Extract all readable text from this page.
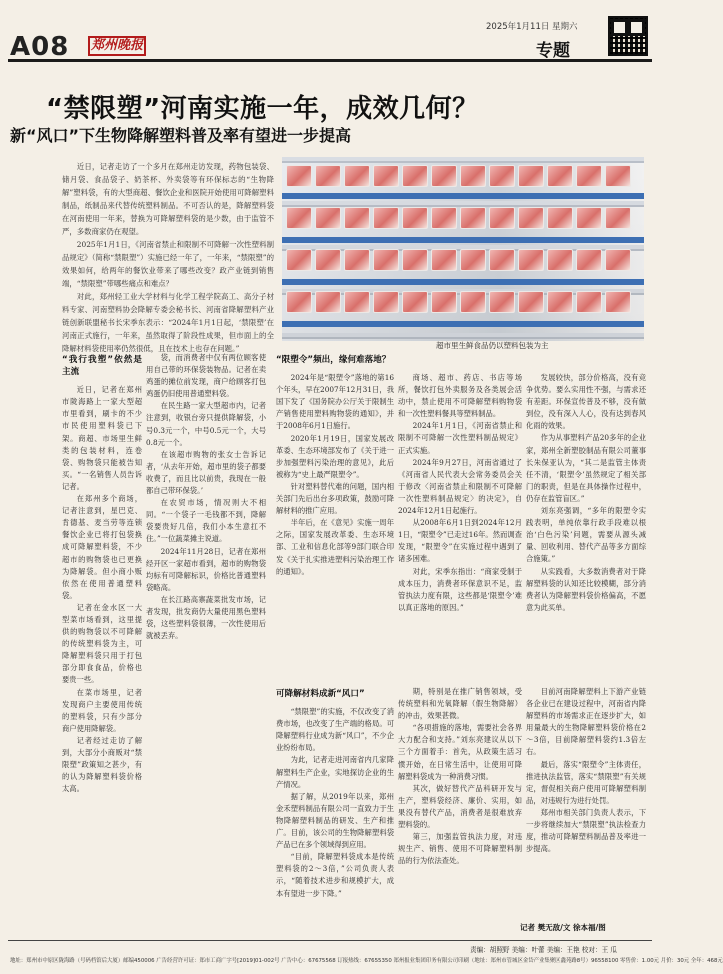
A08 郑州晚报
2025年1月11日 星期六
专题
“禁限塑”河南实施一年，成效几何？
新“风口”下生物降解塑料普及率有望进一步提高

近日，记者走访了一个多月在郑州走访发现，药物包装袋、储月袋、食品袋子、奶茶杯、外卖袋等有环保标志的“生物降解”塑料袋，有的大型商超、餐饮企业和医院开始使用可降解塑料制品，纸制品来代替传统塑料制品。不可否认的是，降解塑料袋在河南使用一年来，替换为可降解塑料袋的是少数，由于监管不严，多数商家仍在观望。

2025年1月1日，《河南省禁止和限制不可降解一次性塑料制品规定》（简称“禁限塑”）实施已经一年了，一年来，“禁限塑”的效果如何，给两年的餐饮业带来了哪些改变？政产业链到销售端，“禁限塑”带哪些痛点和难点？

对此，郑州轻工业大学材料与化学工程学院高工、高分子材料专家、河南塑料协会降解专委会秘书长、河南省降解塑料产业链创新联盟秘书长宋季东表示：“2024年1月1日起，‘禁限塑’在河南正式施行，一年来，虽然取得了阶段性成果，但市面上的全降解材料袋使用率仍然很低，且在技术上也存在问题。”	超市里生鲜食品仍以塑料包装为主

“我行我塑”依然是主流

近日，记者在郑州市陇海路上一家大型超市里看到，刷卡的不少市民使用塑料袋已下架。商超、市场里生鲜类的包装材料，连卷袋、购物袋只能被告知买。“一名销售人员告诉记者。

在郑州多个商场，记者注意到，星巴克、肯德基、麦当劳等连锁餐饮企业已将打包袋换成可降解塑料袋，不少超市的购物袋也已更换为降解袋。但小商小贩依然在使用普通塑料袋。

记者在金水区一大型菜市场看到，这里提供的购物袋以不可降解的传统塑料袋为主，可降解塑料袋只用于打包部分即食食品，价格也要贵一些。

在菜市场里，记者发现商户主要使用传统的塑料袋，只有少部分商户使用降解袋。

记者经过走访了解到，大部分小商贩对“禁限塑”政策知之甚少，有的认为降解塑料袋价格太高。

袋，而消费者中仅有两位顾客使用自己带的环保袋装物品。记者在卖鸡蛋的摊位前发现，商户给顾客打包鸡蛋仍旧使用普通塑料袋。

在民生路一家大型超市内，记者注意到，收银台旁只提供降解袋，小号0.3元一个，中号0.5元一个，大号0.8元一个。

在该超市购物的张女士告诉记者，‘从去年开始，超市里的袋子都要收费了，而且比以前贵，我现在一般都自己带环保袋。’

在农贸市场，情况则大不相同。“一个袋子一毛钱都不到，降解袋要贵好几倍，我们小本生意扛不住。”一位蔬菜摊主说道。

2024年11月28日，记者在郑州经开区一家超市看到，超市的购物袋均标有可降解标识，价格比普通塑料袋略高。

在长江路高寨蔬菜批发市场，记者发现，批发商仍大量使用黑色塑料袋，这些塑料袋很薄，一次性使用后就被丢弃。

“限塑令”频出，缘何难落地？

2024年是“限塑令”落地的第16个年头，早在2007年12月31日，我国下发了《国务院办公厅关于限制生产销售使用塑料购物袋的通知》，并于2008年6月1日施行。

2020年1月19日，国家发展改革委、生态环境部发布了《关于进一步加强塑料污染治理的意见》，此后被称为“史上最严限塑令”。

针对塑料替代难的问题，国内相关部门先后出台多项政策，鼓励可降解材料的推广应用。

半年后，在《意见》实施一周年之际，国家发展改革委、生态环境部、工业和信息化部等9部门联合印发《关于扎实推进塑料污染治理工作的通知》。

商场、超市、药店、书店等场所，餐饮打包外卖服务及各类展会活动中，禁止使用不可降解塑料购物袋和一次性塑料餐具等塑料制品。

2024年1月1日，《河南省禁止和限制不可降解一次性塑料制品规定》正式实施。

2024年9月27日，河南省通过了《河南省人民代表大会常务委员会关于修改〈河南省禁止和限制不可降解一次性塑料制品规定〉的决定》，自2024年12月1日起施行。

从2008年6月1日到2024年12月1日，“限塑令”已走过16年。然而调查发现，“限塑令”在实施过程中遇到了诸多困难。

对此，宋季东指出：“商家受制于成本压力，消费者环保意识不足，监管执法力度有限，这些都是‘限塑令’难以真正落地的原因。”

发展较快，部分价格高，没有竞争优势。要么实用性不强，与需求还有差距。环保宣传普及不够，没有做到位，没有深入人心，没有达到春风化雨的效果。

作为从事塑料产品20多年的企业家，郑州全新塑胶制品有限公司董事长朱保亚认为，“其二是监管主体责任不清，‘限塑令’虽然规定了相关部门的职责，但是在具体操作过程中，仍存在监管盲区。”

刘东亮强调，“多年的限塑令实践表明，单纯依靠行政手段难以根治‘白色污染’问题，需要从源头减量、回收利用、替代产品等多方面综合施策。”

从实践看，大多数消费者对于降解塑料袋的认知还比较模糊，部分消费者认为降解塑料袋价格偏高，不愿意为此买单。

可降解材料成新“风口”

“禁限塑”的实施，不仅改变了消费市场，也改变了生产端的格局。可降解塑料行业成为新“风口”，不少企业纷纷布局。

为此，记者走进河南省内几家降解塑料生产企业，实地探访企业的生产情况。

据了解，从2019年以来，郑州金禾塑料制品有限公司一直致力于生物降解塑料制品的研发、生产和推广。目前，该公司的生物降解塑料袋产品已在多个领域得到应用。

“目前，降解塑料袋成本是传统塑料袋的2～3倍，”公司负责人表示，“随着技术进步和规模扩大，成本有望进一步下降。”

期，特别是在推广销售领域，受传统塑料和光氧降解（假生物降解）的冲击，效果甚微。

“各项措施的落地，需要社会各界大力配合和支持。”刘东亮建议从以下三个方面着手：首先，从政策生活习惯开始，在日常生活中，让使用可降解塑料袋成为一种消费习惯。

其次，做好替代产品科研开发与生产，塑料袋经济、廉价、实用，如果没有替代产品，消费者是很难放弃塑料袋的。

第三，加强监管执法力度，对违规生产、销售、使用不可降解塑料制品的行为依法查处。

目前河南降解塑料上下游产业链各企业已在建设过程中，河南省内降解塑料的市场需求正在逐步扩大，如用量最大的生物降解塑料袋价格在2～3倍，目前降解塑料袋约1.3倍左右。

最后，落实“限塑令”主体责任，推进执法监管，落实“禁限塑”有关规定，督促相关商户使用可降解塑料制品，对违规行为进行处罚。

郑州市相关部门负责人表示，下一步将继续加大“禁限塑”执法检查力度，推动可降解塑料制品普及率进一步提高。

记者 樊无敌/文 徐本福/图
责编：胡照野 美编：叶蕾 美编：王艳 校对：王 瓜
地址：郑州市中原区陇海路（号码档馆后大厦）邮编450006 广告经营许可证：郑市工商广字号[2019]01-002号 广告中心：67675568 订报热线：67655350 郑州报业集团印务有限公司印刷（地址：郑州市管城区金岱产业集聚区鑫苑路8号）96558100 零售价：1.00元 月价：30元 全年：468元
